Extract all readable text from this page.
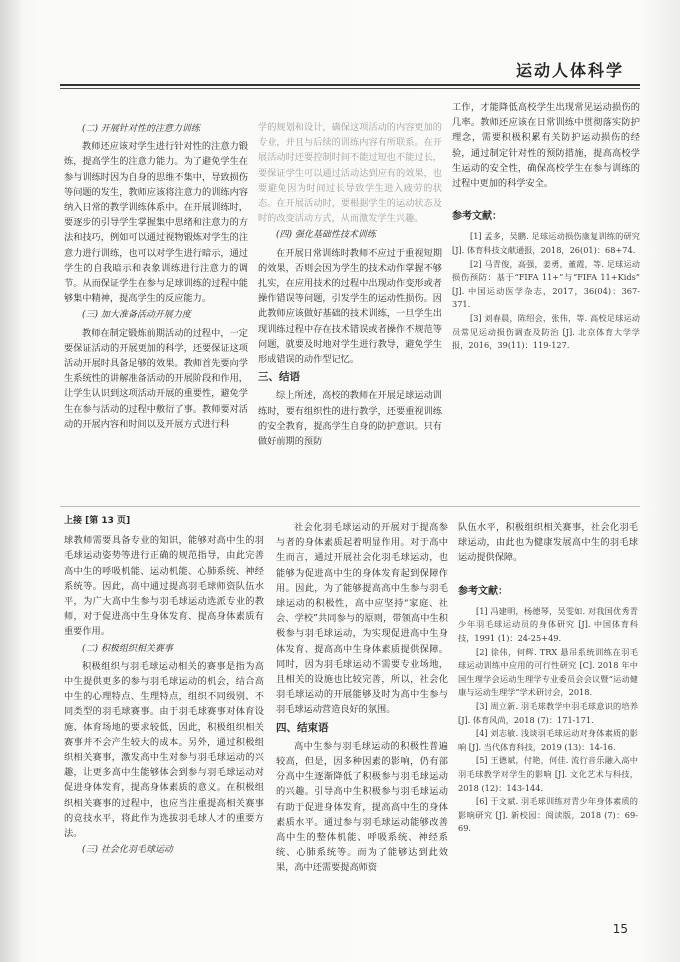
运动人体科学
(二) 开展针对性的注意力训练

教师还应该对学生进行针对性的注意力锻炼，提高学生的注意力能力。为了避免学生在参与训练时因为自身的思维不集中，导致损伤等问题的发生，教师应该将注意力的训练内容纳入日常的教学训练体系中。在开展训练时，要逐步的引导学生掌握集中思绪和注意力的方法和技巧，例如可以通过视物锻炼对学生的注意力进行训练，也可以对学生进行暗示，通过学生的自我暗示和表象训练进行注意力的调节。从而保证学生在参与足球训练的过程中能够集中精神，提高学生的反应能力。

(三) 加大准备活动开展力度

教师在制定锻炼前期活动的过程中，一定要保证活动的开展更加的科学，还要保证这项活动开展时具备足够的效果。教师首先要向学生系统性的讲解准备活动的开展阶段和作用，让学生认识到这项活动开展的重要性，避免学生在参与活动的过程中敷衍了事。教师要对活动的开展内容和时间以及开展方式进行科

学的规划和设计，确保这项活动的内容更加的专业，并且与后续的训练内容有所联系。在开展活动时还要控制时间不能过短也不能过长，要保证学生可以通过活动达到应有的效果，也要避免因为时间过长导致学生进入疲劳的状态。在开展活动时，要根据学生的运动状态及时的改变活动方式，从而激发学生兴趣。

(四) 强化基础性技术训练

在开展日常训练时教师不应过于重视短期的效果，否则会因为学生的技术动作掌握不够扎实，在应用技术的过程中出现动作变形或者操作错误等问题，引发学生的运动性损伤。因此教师应该做好基础的技术训练，一旦学生出现训练过程中存在技术错误或者操作不规范等问题，就要及时地对学生进行教导，避免学生形成错误的动作型记忆。

三、结语

综上所述，高校的教师在开展足球运动训练时，要有组织性的进行教学，还要重视训练的安全教育，提高学生自身的防护意识。只有做好前期的预防

工作，才能降低高校学生出现常见运动损伤的几率。教师还应该在日常训练中贯彻落实防护理念，需要积极积累有关防护运动损伤的经验，通过制定针对性的预防措施，提高高校学生运动的安全性，确保高校学生在参与训练的过程中更加的科学安全。

参考文献：

[1] 孟多，吴鹏. 足球运动损伤康复训练的研究 [J]. 体育科技文献通报，2018，26(01)：68+74.

[2] 马青俊，高强，姜勇，董霞，等. 足球运动损伤预防：基于“FIFA 11+”与“FIFA 11+Kids” [J]. 中国运动医学杂志，2017，36(04)：367-371.

[3] 刘春晨，陈绍会，张伟，等. 高校足球运动员常见运动损伤调查及防治 [J]. 北京体育大学学报，2016，39(11)：119-127.

上接 [第 13 页]

球教师需要具备专业的知识，能够对高中生的羽毛球运动姿势等进行正确的规范指导，由此完善高中生的呼吸机能、运动机能、心肺系统、神经系统等。因此，高中通过提高羽毛球师资队伍水平，为广大高中生参与羽毛球运动选派专业的教师，对于促进高中生身体发育、提高身体素质有重要作用。

(二) 积极组织相关赛事

积极组织与羽毛球运动相关的赛事是指为高中生提供更多的参与羽毛球运动的机会，结合高中生的心理特点、生理特点，组织不同级别、不同类型的羽毛球赛事。由于羽毛球赛事对体育设施、体育场地的要求较低，因此，积极组织相关赛事并不会产生较大的成本。另外，通过积极组织相关赛事，激发高中生对参与羽毛球运动的兴趣，让更多高中生能够体会到参与羽毛球运动对促进身体发育，提高身体素质的意义。在积极组织相关赛事的过程中，也应当注重提高相关赛事的竞技水平，将此作为选拔羽毛球人才的重要方法。

(三) 社会化羽毛球运动

社会化羽毛球运动的开展对于提高参与者的身体素质起着明显作用。对于高中生而言，通过开展社会化羽毛球运动，也能够为促进高中生的身体发育起到保障作用。因此，为了能够提高高中生参与羽毛球运动的积极性，高中应坚持“家庭、社会、学校”共同参与的原则，带领高中生积极参与羽毛球运动，为实现促进高中生身体发育、提高高中生身体素质提供保障。同时，因为羽毛球运动不需要专业场地，且相关的设施也比较完善，所以，社会化羽毛球运动的开展能够及时为高中生参与羽毛球运动营造良好的氛围。

四、结束语

高中生参与羽毛球运动的积极性普遍较高，但是，因多种因素的影响，仍有部分高中生逐渐降低了积极参与羽毛球运动的兴趣。引导高中生积极参与羽毛球运动有助于促进身体发育，提高高中生的身体素质水平。通过参与羽毛球运动能够改善高中生的整体机能、呼吸系统、神经系统、心肺系统等。而为了能够达到此效果，高中还需要提高师资

队伍水平，积极组织相关赛事，社会化羽毛球运动，由此也为健康发展高中生的羽毛球运动提供保障。

参考文献：

[1] 冯建明，杨德琴，吴雯如. 对我国优秀青少年羽毛球运动员的身体研究 [J]. 中国体育科技，1991 (1)：24-25+49.

[2] 徐伟，何辉. TRX 悬吊系统训练在羽毛球运动训练中应用的可行性研究 [C]. 2018 年中国生理学会运动生理学专业委员会会议暨“运动健康与运动生理学”学术研讨会，2018.

[3] 周立新. 羽毛球教学中羽毛球意识的培养 [J]. 体育风尚，2018 (7)：171-171.

[4] 刘志敏. 浅谈羽毛球运动对身体素质的影响 [J]. 当代体育科技，2019 (13)：14-16.

[5] 王德斌，付艳，何佳. 流行音乐融入高中羽毛球教学对学生的影响 [J]. 文化艺术与科技，2018 (12)：143-144.

[6] 于文斌. 羽毛球训练对青少年身体素质的影响研究 [J]. 新校园：阅读版，2018 (7)：69-69.

15
